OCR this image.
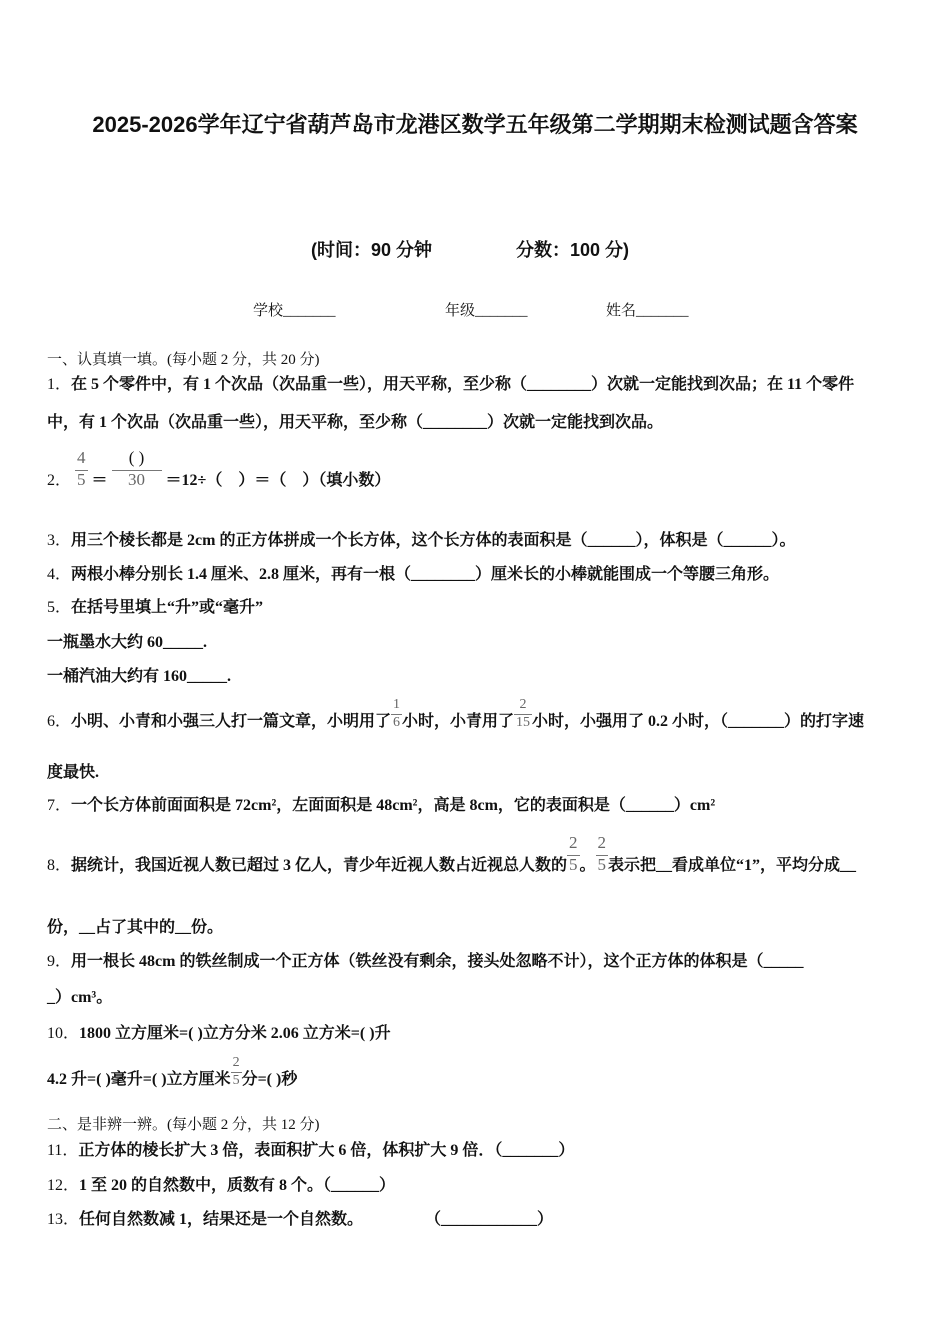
2025-2026学年辽宁省葫芦岛市龙港区数学五年级第二学期期末检测试题含答案
(时间：90 分钟	分数：100 分)
学校_______	年级_______	姓名_______
一、认真填一填。(每小题 2 分，共 20 分)
1．在 5 个零件中，有 1 个次品（次品重一些），用天平称，至少称（________）次就一定能找到次品；在 11 个零件
中，有 1 个次品（次品重一些），用天平称，至少称（________）次就一定能找到次品。
2． $\frac{4}{5} = \frac{( )}{30} =12\div$（　）＝（　）（填小数）
3．用三个棱长都是 2cm 的正方体拼成一个长方体，这个长方体的表面积是（______），体积是（______）。
4．两根小棒分别长 1.4 厘米、2.8 厘米，再有一根（________）厘米长的小棒就能围成一个等腰三角形。
5．在括号里填上“升”或“毫升”
一瓶墨水大约 60_____.
一桶汽油大约有 160_____.
6．小明、小青和小强三人打一篇文章，小明用了 $\frac{1}{6}$ 小时，小青用了 $\frac{2}{15}$ 小时，小强用了 0.2 小时，（_______）的打字速
度最快.
7．一个长方体前面面积是 72cm²，左面面积是 48cm²，高是 8cm，它的表面积是（______）cm²
8．据统计，我国近视人数已超过 3 亿人，青少年近视人数占近视总人数的 $\frac{2}{5}$ 。 $\frac{2}{5}$ 表示把__看成单位“1”，平均分成__
份，__占了其中的__份。
9．用一根长 48cm 的铁丝制成一个正方体（铁丝没有剩余，接头处忽略不计），这个正方体的体积是（_____
_）cm³。
10．1800 立方厘米=( )立方分米 2.06 立方米=( )升
4.2 升=( )毫升=( )立方厘米 $\frac{2}{5}$ 分=( )秒
二、是非辨一辨。(每小题 2 分，共 12 分)
11．正方体的棱长扩大 3 倍，表面积扩大 6 倍，体积扩大 9 倍．（_______）
12．1 至 20 的自然数中，质数有 8 个。（______）
13．任何自然数减 1，结果还是一个自然数。	（____________）
